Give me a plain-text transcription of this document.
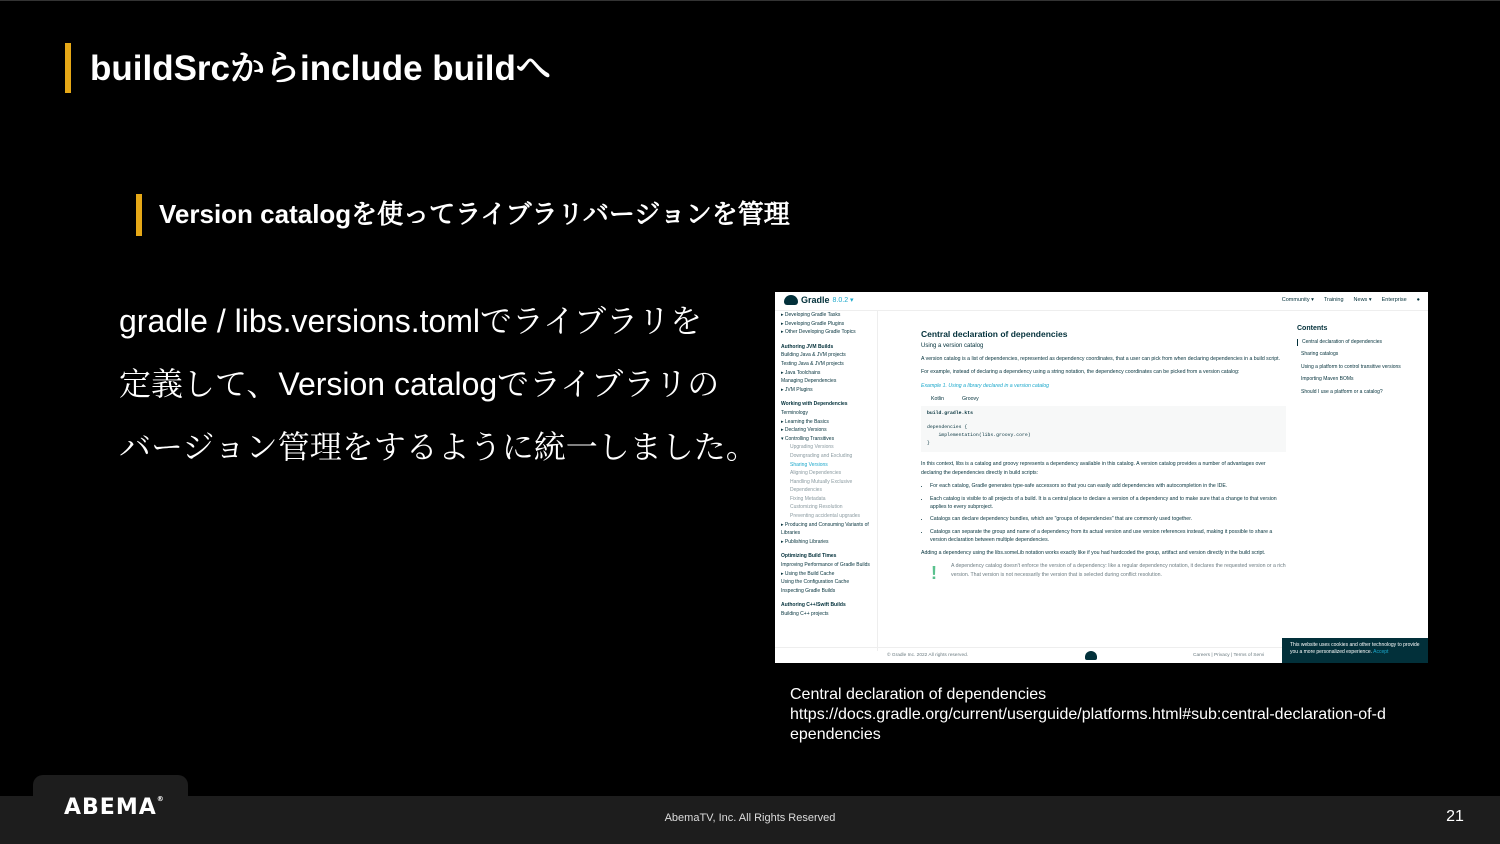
buildSrcからinclude buildへ
Version catalogを使ってライブラリバージョンを管理
gradle / libs.versions.tomlでライブラリを
定義して、Version catalogでライブラリの
バージョン管理をするように統一しました。
Gradle 8.0.2 ▾	Community ▾ Training News ▾ Enterprise ●
▸ Developing Gradle Tasks
▸ Developing Gradle Plugins
▸ Other Developing Gradle Topics
Authoring JVM Builds
Building Java & JVM projects
Testing Java & JVM projects
▸ Java Toolchains
Managing Dependencies
▸ JVM Plugins
Working with Dependencies
Terminology
▸ Learning the Basics
▸ Declaring Versions
▾ Controlling Transitives
Upgrading Versions
Downgrading and Excluding
Sharing Versions
Aligning Dependencies
Handling Mutually Exclusive Dependencies
Fixing Metadata
Customizing Resolution
Preventing accidental upgrades
▸ Producing and Consuming Variants of Libraries
▸ Publishing Libraries
Optimizing Build Times
Improving Performance of Gradle Builds
▸ Using the Build Cache
Using the Configuration Cache
Inspecting Gradle Builds
Authoring C++/Swift Builds
Building C++ projects
Central declaration of dependencies
Using a version catalog

A version catalog is a list of dependencies, represented as dependency coordinates, that a user can pick from when declaring dependencies in a build script.

For example, instead of declaring a dependency using a string notation, the dependency coordinates can be picked from a version catalog:

Example 1. Using a library declared in a version catalog

Kotlin	Groovy
build.gradle.kts
dependencies {
implementation(libs.groovy.core)
}

In this context, libs is a catalog and groovy represents a dependency available in this catalog. A version catalog provides a number of advantages over declaring the dependencies directly in build scripts:

• For each catalog, Gradle generates type-safe accessors so that you can easily add dependencies with autocompletion in the IDE.
• Each catalog is visible to all projects of a build. It is a central place to declare a version of a dependency and to make sure that a change to that version applies to every subproject.
• Catalogs can declare dependency bundles, which are "groups of dependencies" that are commonly used together.
• Catalogs can separate the group and name of a dependency from its actual version and use version references instead, making it possible to share a version declaration between multiple dependencies.

Adding a dependency using the libs.someLib notation works exactly like if you had hardcoded the group, artifact and version directly in the build script.

!	A dependency catalog doesn't enforce the version of a dependency: like a regular dependency notation, it declares the requested version or a rich version. That version is not necessarily the version that is selected during conflict resolution.
Contents
Central declaration of dependencies
Sharing catalogs
Using a platform to control transitive versions
Importing Maven BOMs
Should I use a platform or a catalog?
© Gradle Inc. 2022 All rights reserved.	Careers | Privacy | Terms of Servi
This website uses cookies and other technology to provide you a more personalized experience. Accept
Central declaration of dependencies
https://docs.gradle.org/current/userguide/platforms.html#sub:central-declaration-of-d
ependencies
ABEMA®
AbemaTV, Inc. All Rights Reserved	21
